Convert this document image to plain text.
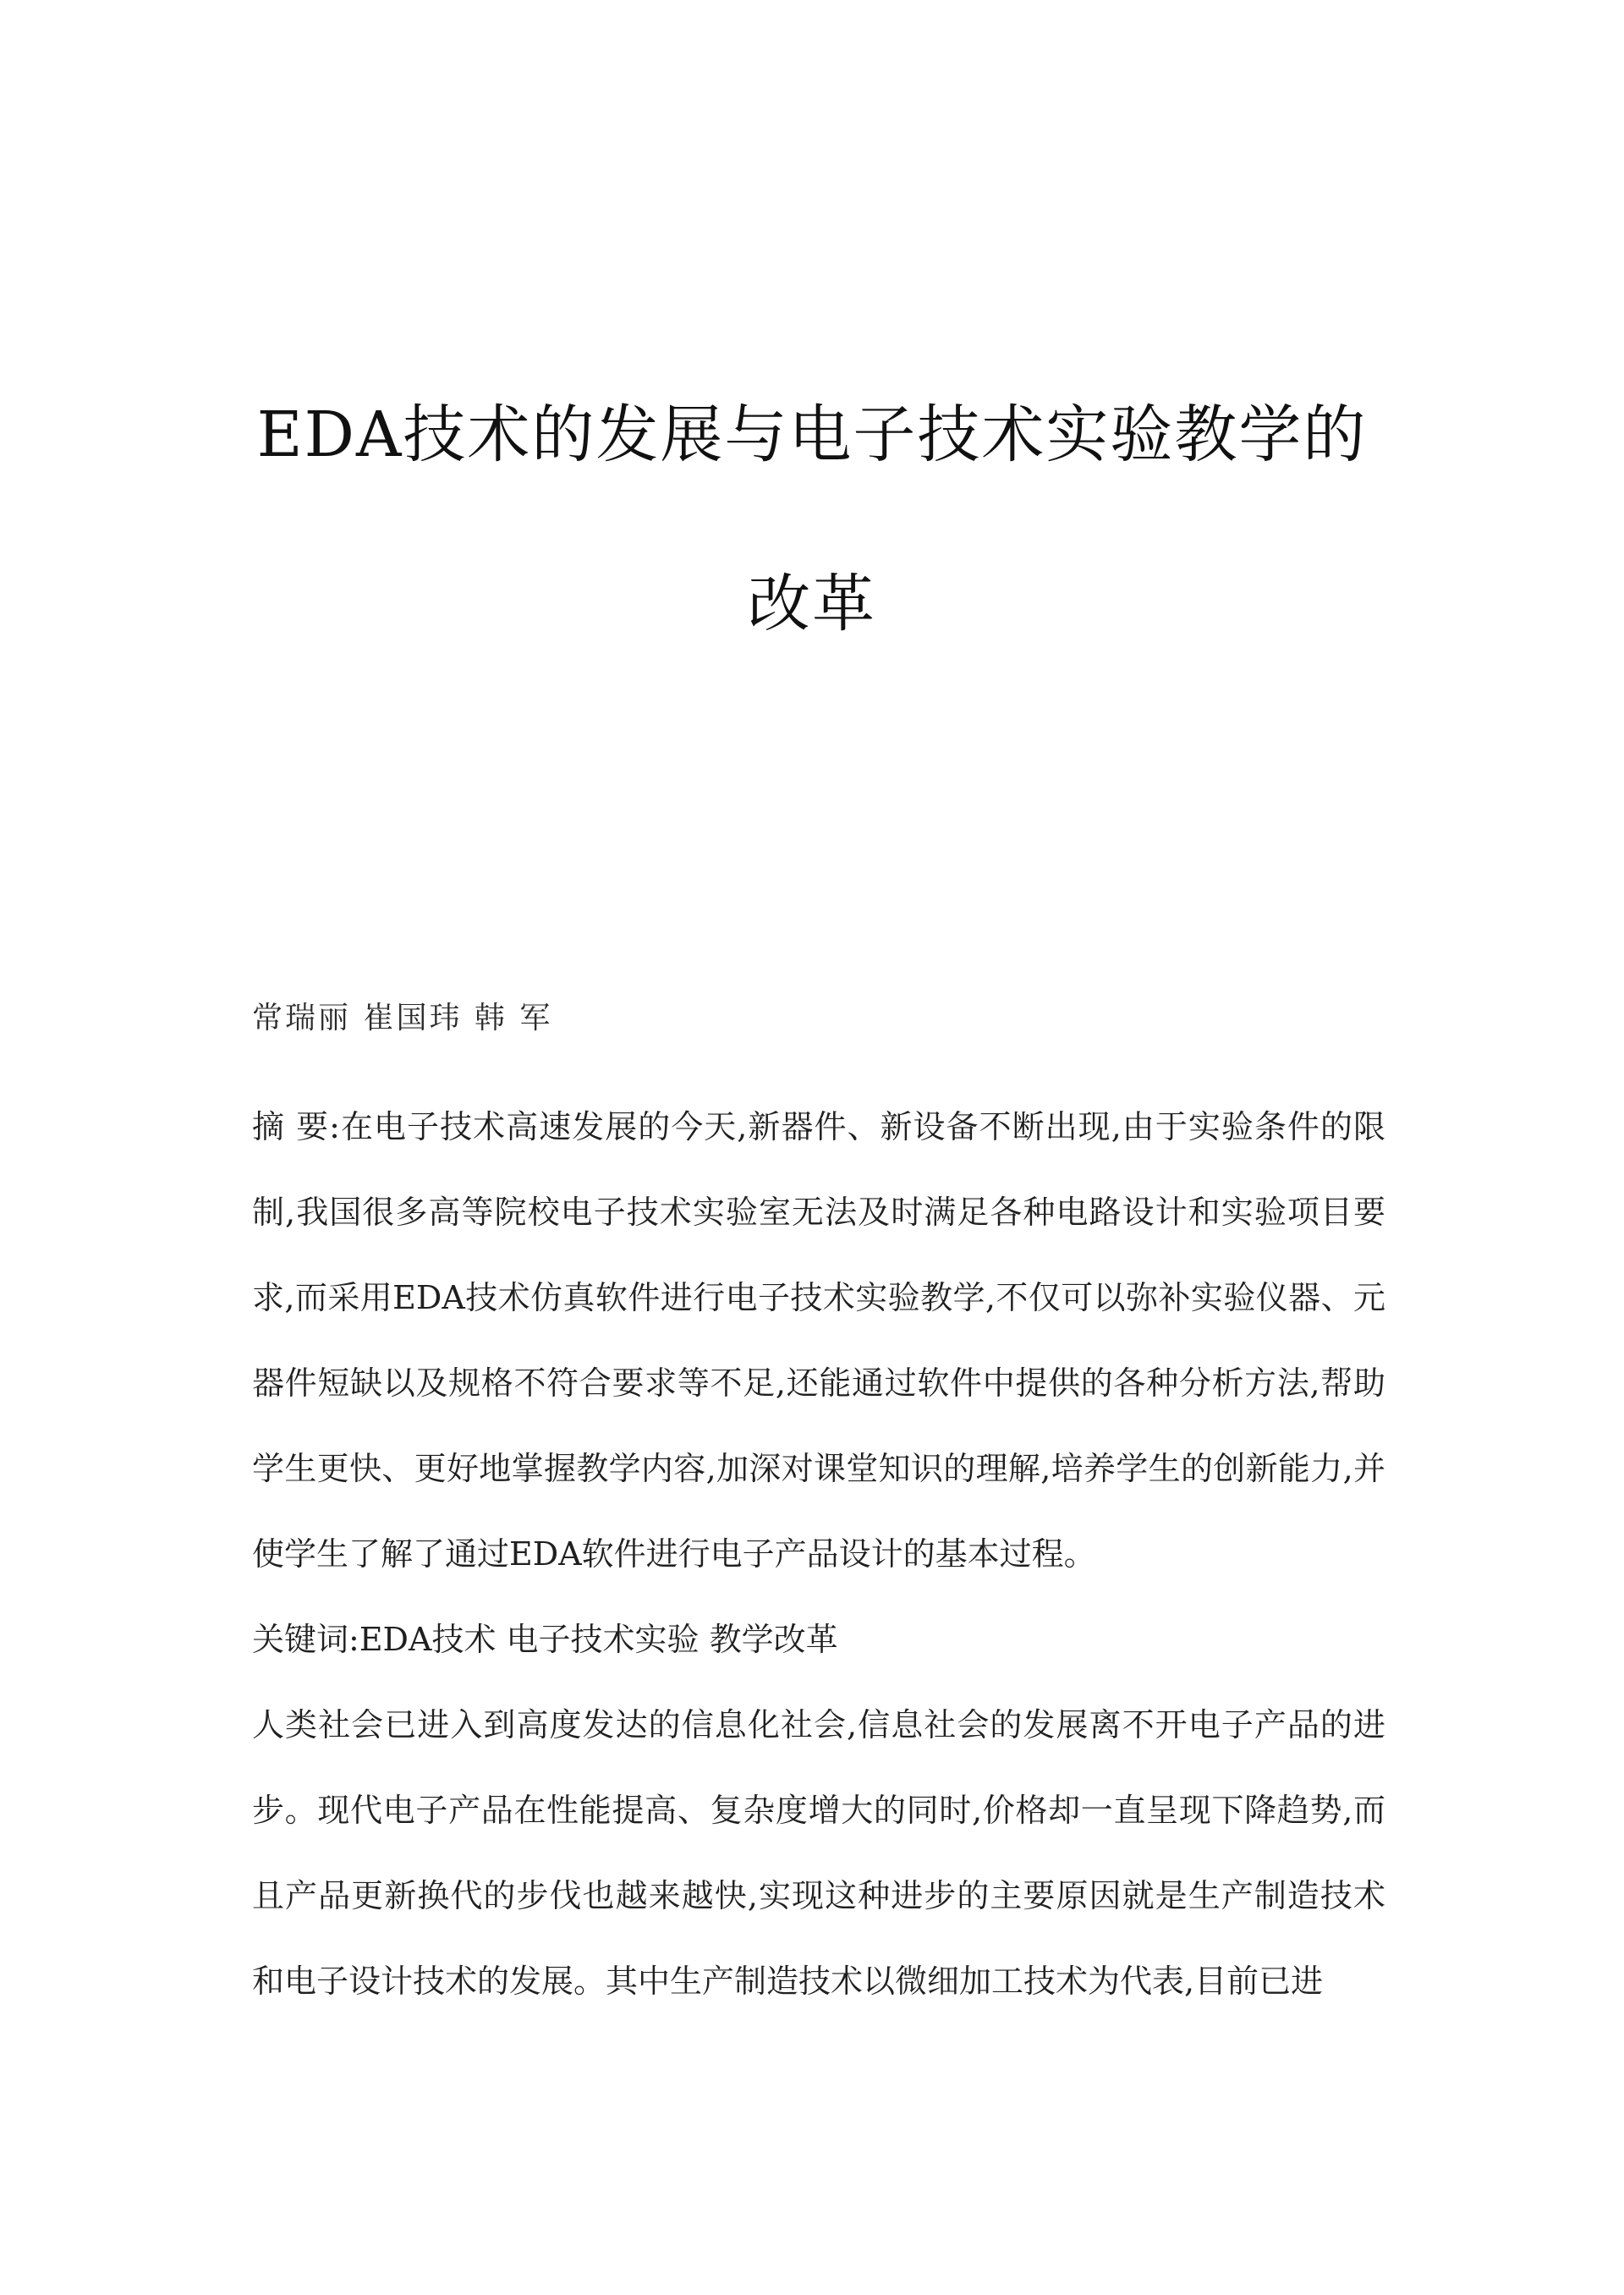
EDA技术的发展与电子技术实验教学的
改革

常瑞丽 崔国玮 韩 军

摘 要:在电子技术高速发展的今天,新器件、新设备不断出现,由于实验条件的限制,我国很多高等院校电子技术实验室无法及时满足各种电路设计和实验项目要求,而采用EDA技术仿真软件进行电子技术实验教学,不仅可以弥补实验仪器、元器件短缺以及规格不符合要求等不足,还能通过软件中提供的各种分析方法,帮助学生更快、更好地掌握教学内容,加深对课堂知识的理解,培养学生的创新能力,并使学生了解了通过EDA软件进行电子产品设计的基本过程。

关键词:EDA技术 电子技术实验 教学改革

人类社会已进入到高度发达的信息化社会,信息社会的发展离不开电子产品的进步。现代电子产品在性能提高、复杂度增大的同时,价格却一直呈现下降趋势,而且产品更新换代的步伐也越来越快,实现这种进步的主要原因就是生产制造技术和电子设计技术的发展。其中生产制造技术以微细加工技术为代表,目前已进
